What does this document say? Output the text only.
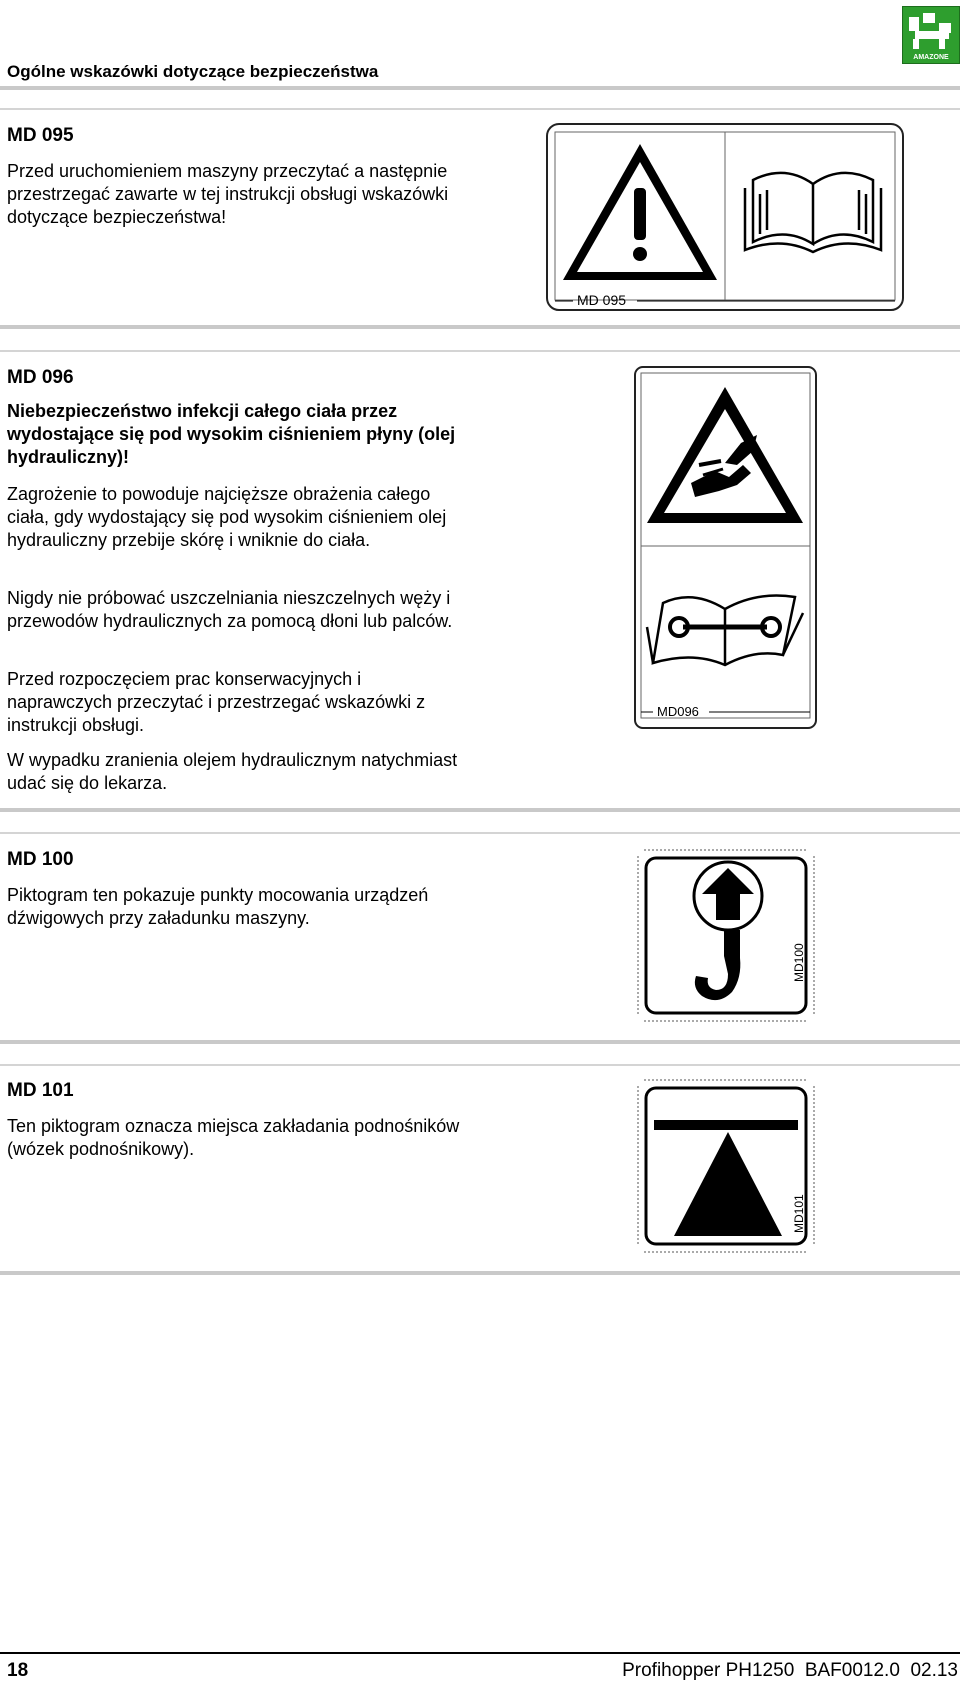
Ogólne wskazówki dotyczące bezpieczeństwa
AMAZONE
MD 095
Przed uruchomieniem maszyny przeczytać a następnie przestrzegać zawarte w tej instrukcji obsługi wskazówki dotyczące bezpieczeństwa!
MD 095
MD 096
Niebezpieczeństwo infekcji całego ciała przez wydostające się pod wysokim ciśnieniem płyny (olej hydrauliczny)!
Zagrożenie to powoduje najcięższe obrażenia całego ciała, gdy wydostający się pod wysokim ciśnieniem olej hydrauliczny przebije skórę i wniknie do ciała.
Nigdy nie próbować uszczelniania nieszczelnych węży i przewodów hydraulicznych za pomocą dłoni lub palców.
Przed rozpoczęciem prac konserwacyjnych i naprawczych przeczytać i przestrzegać wskazówki z instrukcji obsługi.
W wypadku zranienia olejem hydraulicznym natychmiast udać się do lekarza.
MD096
MD 100
Piktogram ten pokazuje punkty mocowania urządzeń dźwigowych przy załadunku maszyny.
MD100
MD 101
Ten piktogram oznacza miejsca zakładania podnośników (wózek podnośnikowy).
MD101
18	Profihopper PH1250  BAF0012.0  02.13
